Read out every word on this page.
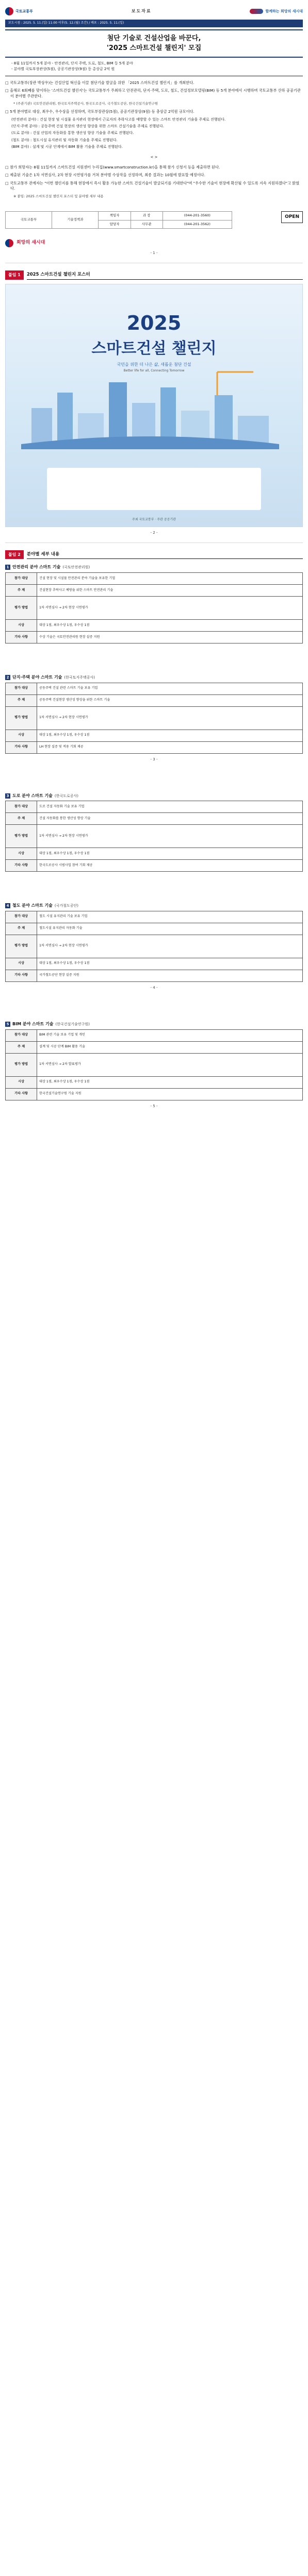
국토교통부	보도자료	함께하는 희망의 새시대
보도시점 : 2025. 5. 11.(일) 11:00 이후(5. 12.(월) 조간) / 배포 : 2025. 5. 11.(일)
첨단 기술로 건설산업을 바꾼다,
'2025 스마트건설 챌린지' 모집
- 8월 11일까지 5개 분야 - 안전관리, 단지 주택, 도로, 철도, BIM 등 5개 분야
- 분야별 국토부장관상(5점), 공공기관장상(9점) 등 총상금 2억 원

□ 국토교통부(장관 박상우)는 건설산업 혁신을 이끌 첨단기술 발굴을 위한 「2025 스마트건설 챌린지」를 개최한다.

□ 올해로 6회째를 맞이하는 '스마트건설 챌린지'는 국토교통부가 주최하고 안전관리, 단지·주택, 도로, 철도, 건설정보모델링(BIM) 등 5개 분야에서 시행하며 국토교통부 산하 공공기관이 분야별 주관한다.

* (주관기관) 국토안전관리원, 한국토지주택공사, 한국도로공사, 국가철도공단, 한국건설기술연구원

□ 5개 분야별로 대상, 최우수, 우수상을 선정하며, 국토부장관상(5점), 공공기관장상(9점) 등 총상금 2억원 규모이다.

(안전관리 분야) : 건설 현장 및 시설물 유지관리 현장에서 근로자의 추락사고를 예방할 수 있는 스마트 안전관리 기술을 주제로 진행된다.
(단지·주택 분야) : 공동주택 건설 현장의 생산성 향상을 위한 스마트 건설기술을 주제로 진행된다.
(도로 분야) : 건설 산업의 자동화를 통한 생산성 향상 기술을 주제로 진행된다.
(철도 분야) : 철도시설 유지관리 및 자동화 기술을 주제로 진행된다.
(BIM 분야) : 설계 및 시공 단계에서 BIM 활용 기술을 주제로 진행된다.
< >

□ 참가 희망자는 8월 11일까지 스마트건설 지원센터 누리집(www.smartconstruction.kr)을 통해 참가 신청서 등을 제출하면 된다.

□ 제출된 기술은 1차 서면심사, 2차 현장 시연평가를 거쳐 분야별 수상작을 선정하며, 최종 결과는 10월에 발표할 예정이다.

□ 국토교통부 관계자는 "이번 챌린지를 통해 현장에서 즉시 활용 가능한 스마트 건설기술이 발굴되기를 기대한다"며 "우수한 기술이 현장에 확산될 수 있도록 지속 지원하겠다"고 밝혔다.

※ 붙임: 2025 스마트건설 챌린지 포스터 및 분야별 세부 내용
국토교통부	기술정책과	책임자	과 장	(044-201-3560)
		담당자	사무관	(044-201-3562)
OPEN
희망의 새시대
- 1 -
붙임 1	2025 스마트건설 챌린지 포스터
2025
스마트건설 챌린지
국민을 위한 더 나은 삶, 새롭운 첨단 건설
Better life for all, Connecting Tomorrow
주최 국토교통부 · 주관 공공기관
- 2 -
붙임 2	분야별 세부 내용
1 안전관리 분야 스마트 기술 (국토안전관리원)
참가 대상	건설 현장 및 시설물 안전관리 분야 기술을 보유한 기업
주 제	건설현장 추락사고 예방을 위한 스마트 안전관리 기술
평가 방법	1차 서면심사 → 2차 현장 시연평가
시상	대상 1점, 최우수상 1점, 우수상 1점
기타 사항	수상 기술은 국토안전관리원 현장 실증 지원
2 단지·주택 분야 스마트 기술 (한국토지주택공사)
참가 대상	공동주택 건설 관련 스마트 기술 보유 기업
주 제	공동주택 건설현장 생산성 향상을 위한 스마트 기술
평가 방법	1차 서면심사 → 2차 현장 시연평가
시상	대상 1점, 최우수상 1점, 우수상 1점
기타 사항	LH 현장 실증 및 적용 기회 제공
- 3 -
3 도로 분야 스마트 기술 (한국도로공사)
참가 대상	도로 건설 자동화 기술 보유 기업
주 제	건설 자동화를 통한 생산성 향상 기술
평가 방법	1차 서면심사 → 2차 현장 시연평가
시상	대상 1점, 최우수상 1점, 우수상 1점
기타 사항	한국도로공사 시범사업 참여 기회 제공
4 철도 분야 스마트 기술 (국가철도공단)
참가 대상	철도 시설 유지관리 기술 보유 기업
주 제	철도시설 유지관리 자동화 기술
평가 방법	1차 서면심사 → 2차 현장 시연평가
시상	대상 1점, 최우수상 1점, 우수상 1점
기타 사항	국가철도공단 현장 실증 지원
- 4 -
5 BIM 분야 스마트 기술 (한국건설기술연구원)
참가 대상	BIM 관련 기술 보유 기업 및 개인
주 제	설계 및 시공 단계 BIM 활용 기술
평가 방법	1차 서면심사 → 2차 발표평가
시상	대상 1점, 최우수상 1점, 우수상 1점
기타 사항	한국건설기술연구원 기술 지원
- 5 -
